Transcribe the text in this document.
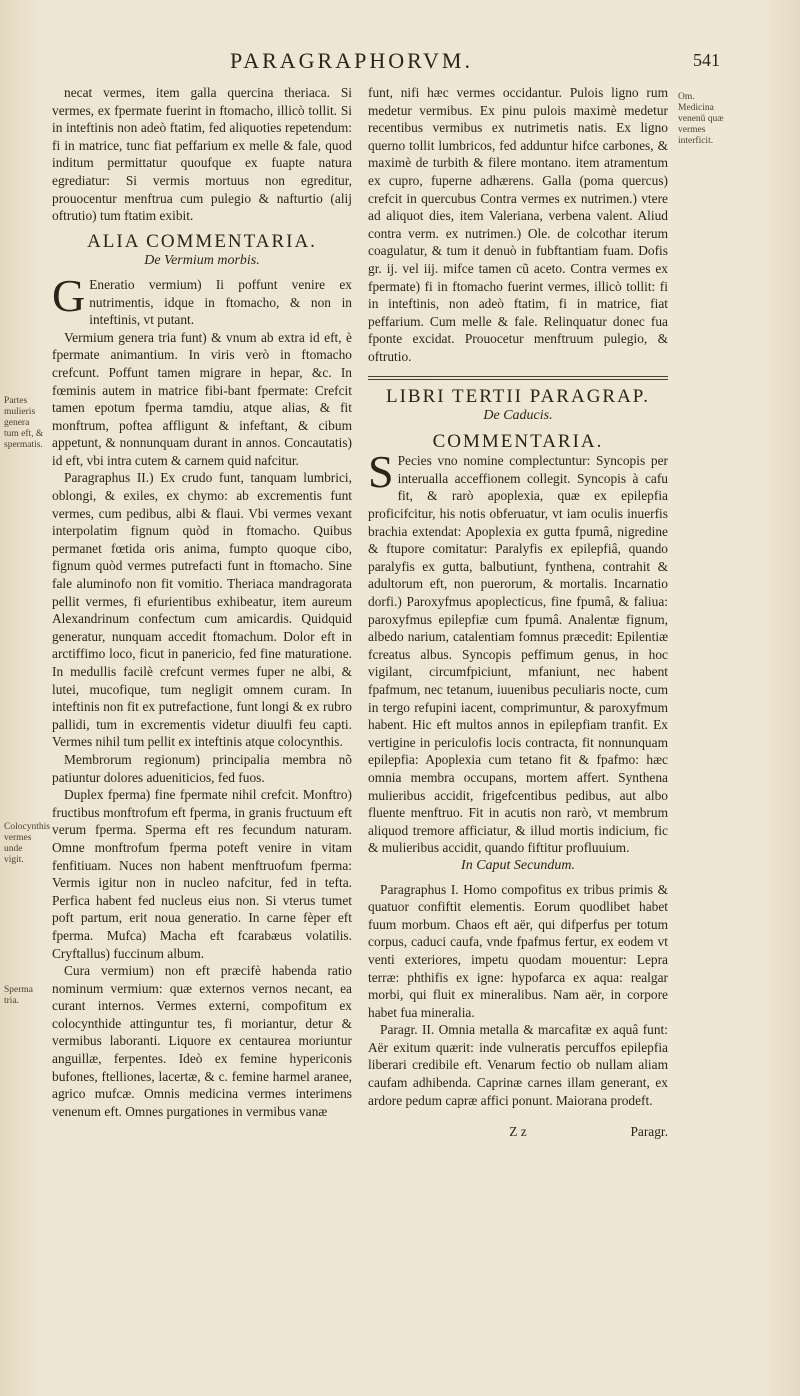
PARAGRAPHORVM.	541

necat vermes, item galla quercina theriaca. Si vermes, ex fpermate fuerint in ftomacho, illicò tollit. Si in inteftinis non adeò ftatim, fed aliquoties repetendum: fi in matrice, tunc fiat peffarium ex melle & fale, quod inditum permittatur quoufque ex fuapte natura egrediatur: Si vermis mortuus non egreditur, prouocentur menftrua cum pulegio & nafturtio (alij oftrutio) tum ftatim exibit.

ALIA COMMENTARIA.

De Vermium morbis.

G Eneratio vermium) Ii poffunt venire ex nutrimentis, idque in ftomacho, & non in inteftinis, vt putant.

Vermium genera tria funt) & vnum ab extra id eft, è fpermate animantium. In viris verò in ftomacho crefcunt. Poffunt tamen migrare in hepar, &c. In fœminis autem in matrice fibi-bant fpermate: Crefcit tamen epotum fperma tamdiu, atque alias, & fit monftrum, poftea affligunt & infeftant, & cibum appetunt, & nonnunquam durant in annos. Concautatis) id eft, vbi intra cutem & carnem quid nafcitur.

Paragraphus II.) Ex crudo funt, tanquam lumbrici, oblongi, & exiles, ex chymo: ab excrementis funt vermes, cum pedibus, albi & flaui. Vbi vermes vexant interpolatim fignum quòd in ftomacho. Quibus permanet fœtida oris anima, fumpto quoque cibo, fignum quòd vermes putrefacti funt in ftomacho. Sine fale aluminofo non fit vomitio. Theriaca mandragorata pellit vermes, fi efurientibus exhibeatur, item aureum Alexandrinum confectum cum amicardis. Quidquid generatur, nunquam accedit ftomachum. Dolor eft in arctiffimo loco, ficut in panericio, fed fine maturatione. In medullis facilè crefcunt vermes fuper ne albi, & lutei, mucofique, tum negligit omnem curam. In inteftinis non fit ex putrefactione, funt longi & ex rubro pallidi, tum in excrementis videtur diuulfi feu capti. Vermes nihil tum pellit ex inteftinis atque colocynthis.

Membrorum regionum) principalia membra nõ patiuntur dolores adueniticios, fed fuos.

Duplex fperma) fine fpermate nihil crefcit. Monftro) fructibus monftrofum eft fperma, in granis fructuum eft verum fperma. Sperma eft res fecundum naturam. Omne monftrofum fperma poteft venire in vitam fenfitiuam. Nuces non habent menftruofum fperma: Vermis igitur non in nucleo nafcitur, fed in tefta. Perfica habent fed nucleus eius non. Si vterus tumet poft partum, erit noua generatio. In carne fèper eft fperma. Mufca) Macha eft fcarabæus volatilis. Cryftallus) fuccinum album.

Cura vermium) non eft præcifè habenda ratio nominum vermium: quæ externos vernos necant, ea curant internos. Vermes externi, compofitum ex colocynthide attinguntur tes, fi moriantur, detur & vermibus laboranti. Liquore ex centaurea moriuntur anguillæ, ferpentes. Ideò ex femine hypericonis bufones, ftelliones, lacertæ, & c. femine harmel aranee, agrico mufcæ. Omnis medicina vermes interimens venenum eft. Omnes purgationes in vermibus vanæ

funt, nifi hæc vermes occidantur. Pulois ligno rum medetur vermibus. Ex pinu pulois maximè medetur recentibus vermibus ex nutrimetis natis. Ex ligno querno tollit lumbricos, fed adduntur hifce carbones, & maximè de turbith & filere montano. item atramentum ex cupro, fuperne adhærens. Galla (poma quercus) crefcit in quercubus Contra vermes ex nutrimen.) vtere ad aliquot dies, item Valeriana, verbena valent. Aliud contra verm. ex nutrimen.) Ole. de colcothar iterum coagulatur, & tum it denuò in fubftantiam fuam. Dofis gr. ij. vel iij. mifce tamen cũ aceto. Contra vermes ex fpermate) fi in ftomacho fuerint vermes, illicò tollit: fi in inteftinis, non adeò ftatim, fi in matrice, fiat peffarium. Cum melle & fale. Relinquatur donec fua fponte excidat. Prouocetur menftruum pulegio, & oftrutio.

LIBRI TERTII PARAGRAP.

De Caducis.

COMMENTARIA.

S Pecies vno nomine complectuntur: Syncopis per interualla acceffionem collegit. Syncopis à cafu fit, & rarò apoplexia, quæ ex epilepfia proficifcitur, his notis obferuatur, vt iam oculis inuerfis brachia extendat: Apoplexia ex gutta fpumâ, nigredine & ftupore comitatur: Paralyfis ex epilepfiâ, quando paralyfis ex gutta, balbutiunt, fynthena, contrahit & adultorum eft, non puerorum, & mortalis. Incarnatio dorfi.) Paroxyfmus apoplecticus, fine fpumâ, & faliua: paroxyfmus epilepfiæ cum fpumâ. Analentæ fignum, albedo narium, catalentiam fomnus præcedit: Epilentiæ fcreatus albus. Syncopis peffimum genus, in hoc vigilant, circumfpiciunt, mfaniunt, nec habent fpafmum, nec tetanum, iuuenibus peculiaris nocte, cum in tergo refupini iacent, comprimuntur, & paroxyfmum habent. Hic eft multos annos in epilepfiam tranfit. Ex vertigine in periculofis locis contracta, fit nonnunquam epilepfia: Apoplexia cum tetano fit & fpafmo: hæc omnia membra occupans, mortem affert. Synthena mulieribus accidit, frigefcentibus pedibus, aut albo fluente menftruo. Fit in acutis non rarò, vt membrum aliquod tremore afficiatur, & illud mortis indicium, fic & mulieribus accidit, quando fiftitur profluuium.

In Caput Secundum.

Paragraphus I. Homo compofitus ex tribus primis & quatuor confiftit elementis. Eorum quodlibet habet fuum morbum. Chaos eft aër, qui difperfus per totum corpus, caduci caufa, vnde fpafmus fertur, ex eodem vt venti exteriores, impetu quodam mouentur: Lepra terræ: phthifis ex igne: hypofarca ex aqua: realgar morbi, qui fluit ex mineralibus. Nam aër, in corpore habet fua mineralia.

Paragr. II. Omnia metalla & marcafitæ ex aquâ funt: Aër exitum quærit: inde vulneratis percuffos epilepfia liberari credibile eft. Venarum fectio ob nullam aliam caufam adhibenda. Caprinæ carnes illam generant, ex ardore pedum capræ affici ponunt. Maiorana prodeft.

Z z	Paragr.

Partes mulieris genera tum eft, & spermatis.
Colocynthis vermes unde vigit.
Sperma tria.
Om. Medicina venenũ quæ vermes interficit.
